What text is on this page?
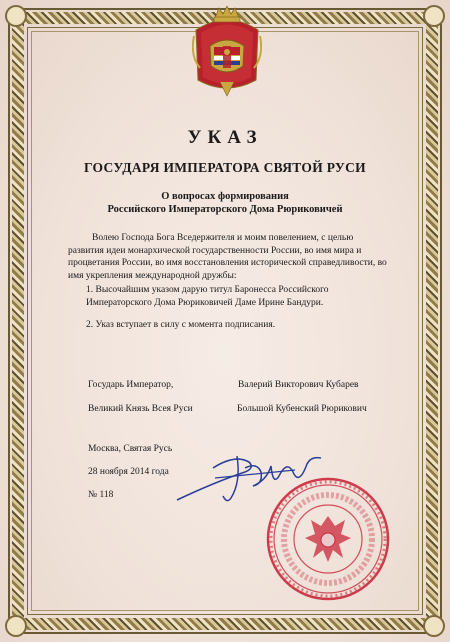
УКАЗ
ГОСУДАРЯ ИМПЕРАТОРА СВЯТОЙ РУСИ
О вопросах формирования
Российского Императорского Дома Рюриковичей
Волею Господа Бога Вседержителя и моим повелением, с целью развития идеи монархической государственности России, во имя мира и процветания России, во имя восстановления исторической справедливости, во имя укрепления международной дружбы:
1. Высочайшим указом дарую титул Баронесса Российского Императорского Дома Рюриковичей Даме Ирине Бандури.
2. Указ вступает в силу с момента подписания.
Государь Император,
Великий Князь Всея Руси
Валерий Викторович Кубарев
Большой Кубенский Рюрикович
Москва, Святая Русь
28 ноября 2014 года
№ 118
